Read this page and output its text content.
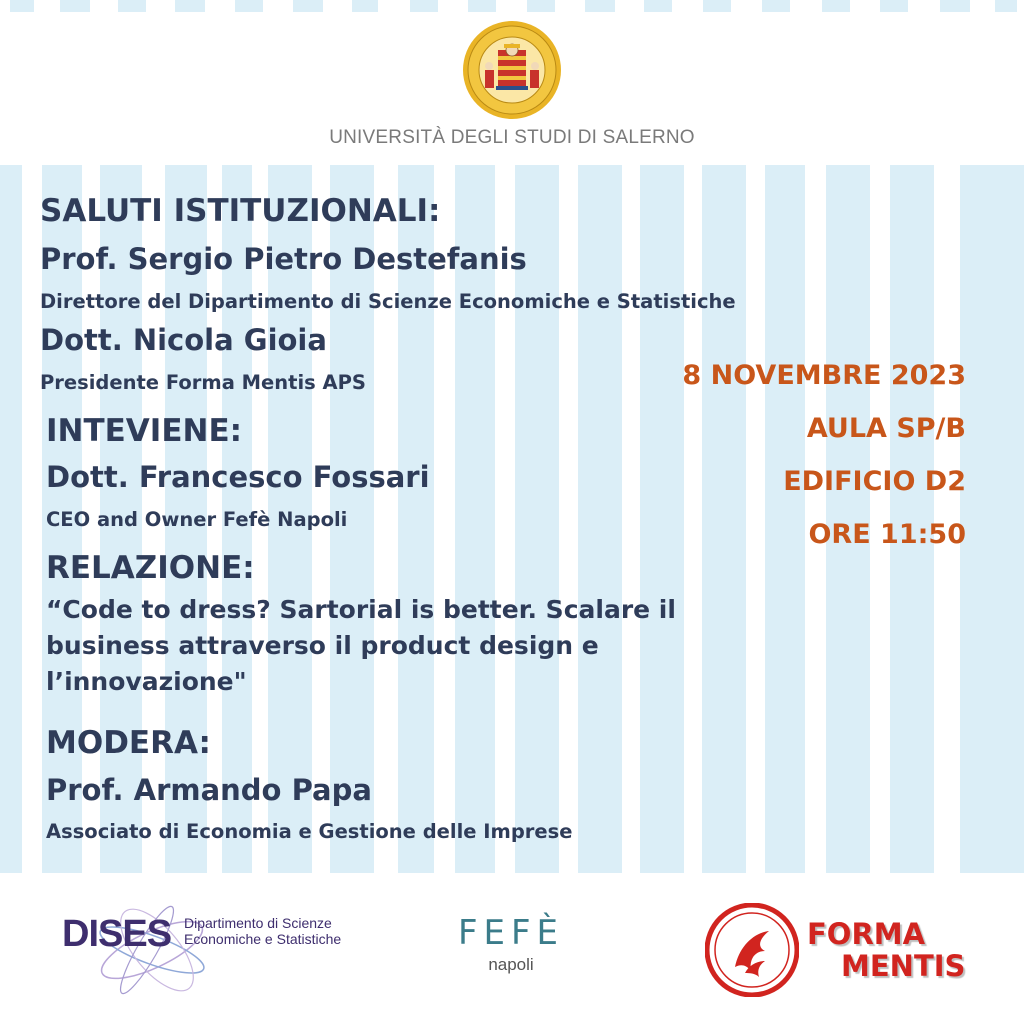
UNIVERSITÀ DEGLI STUDI DI SALERNO
SALUTI ISTITUZIONALI:
Prof. Sergio Pietro Destefanis
Direttore del Dipartimento di Scienze Economiche e Statistiche
Dott. Nicola Gioia
Presidente Forma Mentis APS
INTEVIENE:
Dott. Francesco Fossari
CEO and Owner Fefè Napoli
RELAZIONE:
“Code to dress? Sartorial is better. Scalare il business attraverso il product design e l’innovazione"
MODERA:
Prof. Armando Papa
Associato di Economia e Gestione delle Imprese
8 NOVEMBRE 2023
AULA SP/B
EDIFICIO D2
ORE 11:50
DISES Dipartimento di Scienze
Economiche e Statistiche	FEFÈ
napoli
FORMA
MENTIS
